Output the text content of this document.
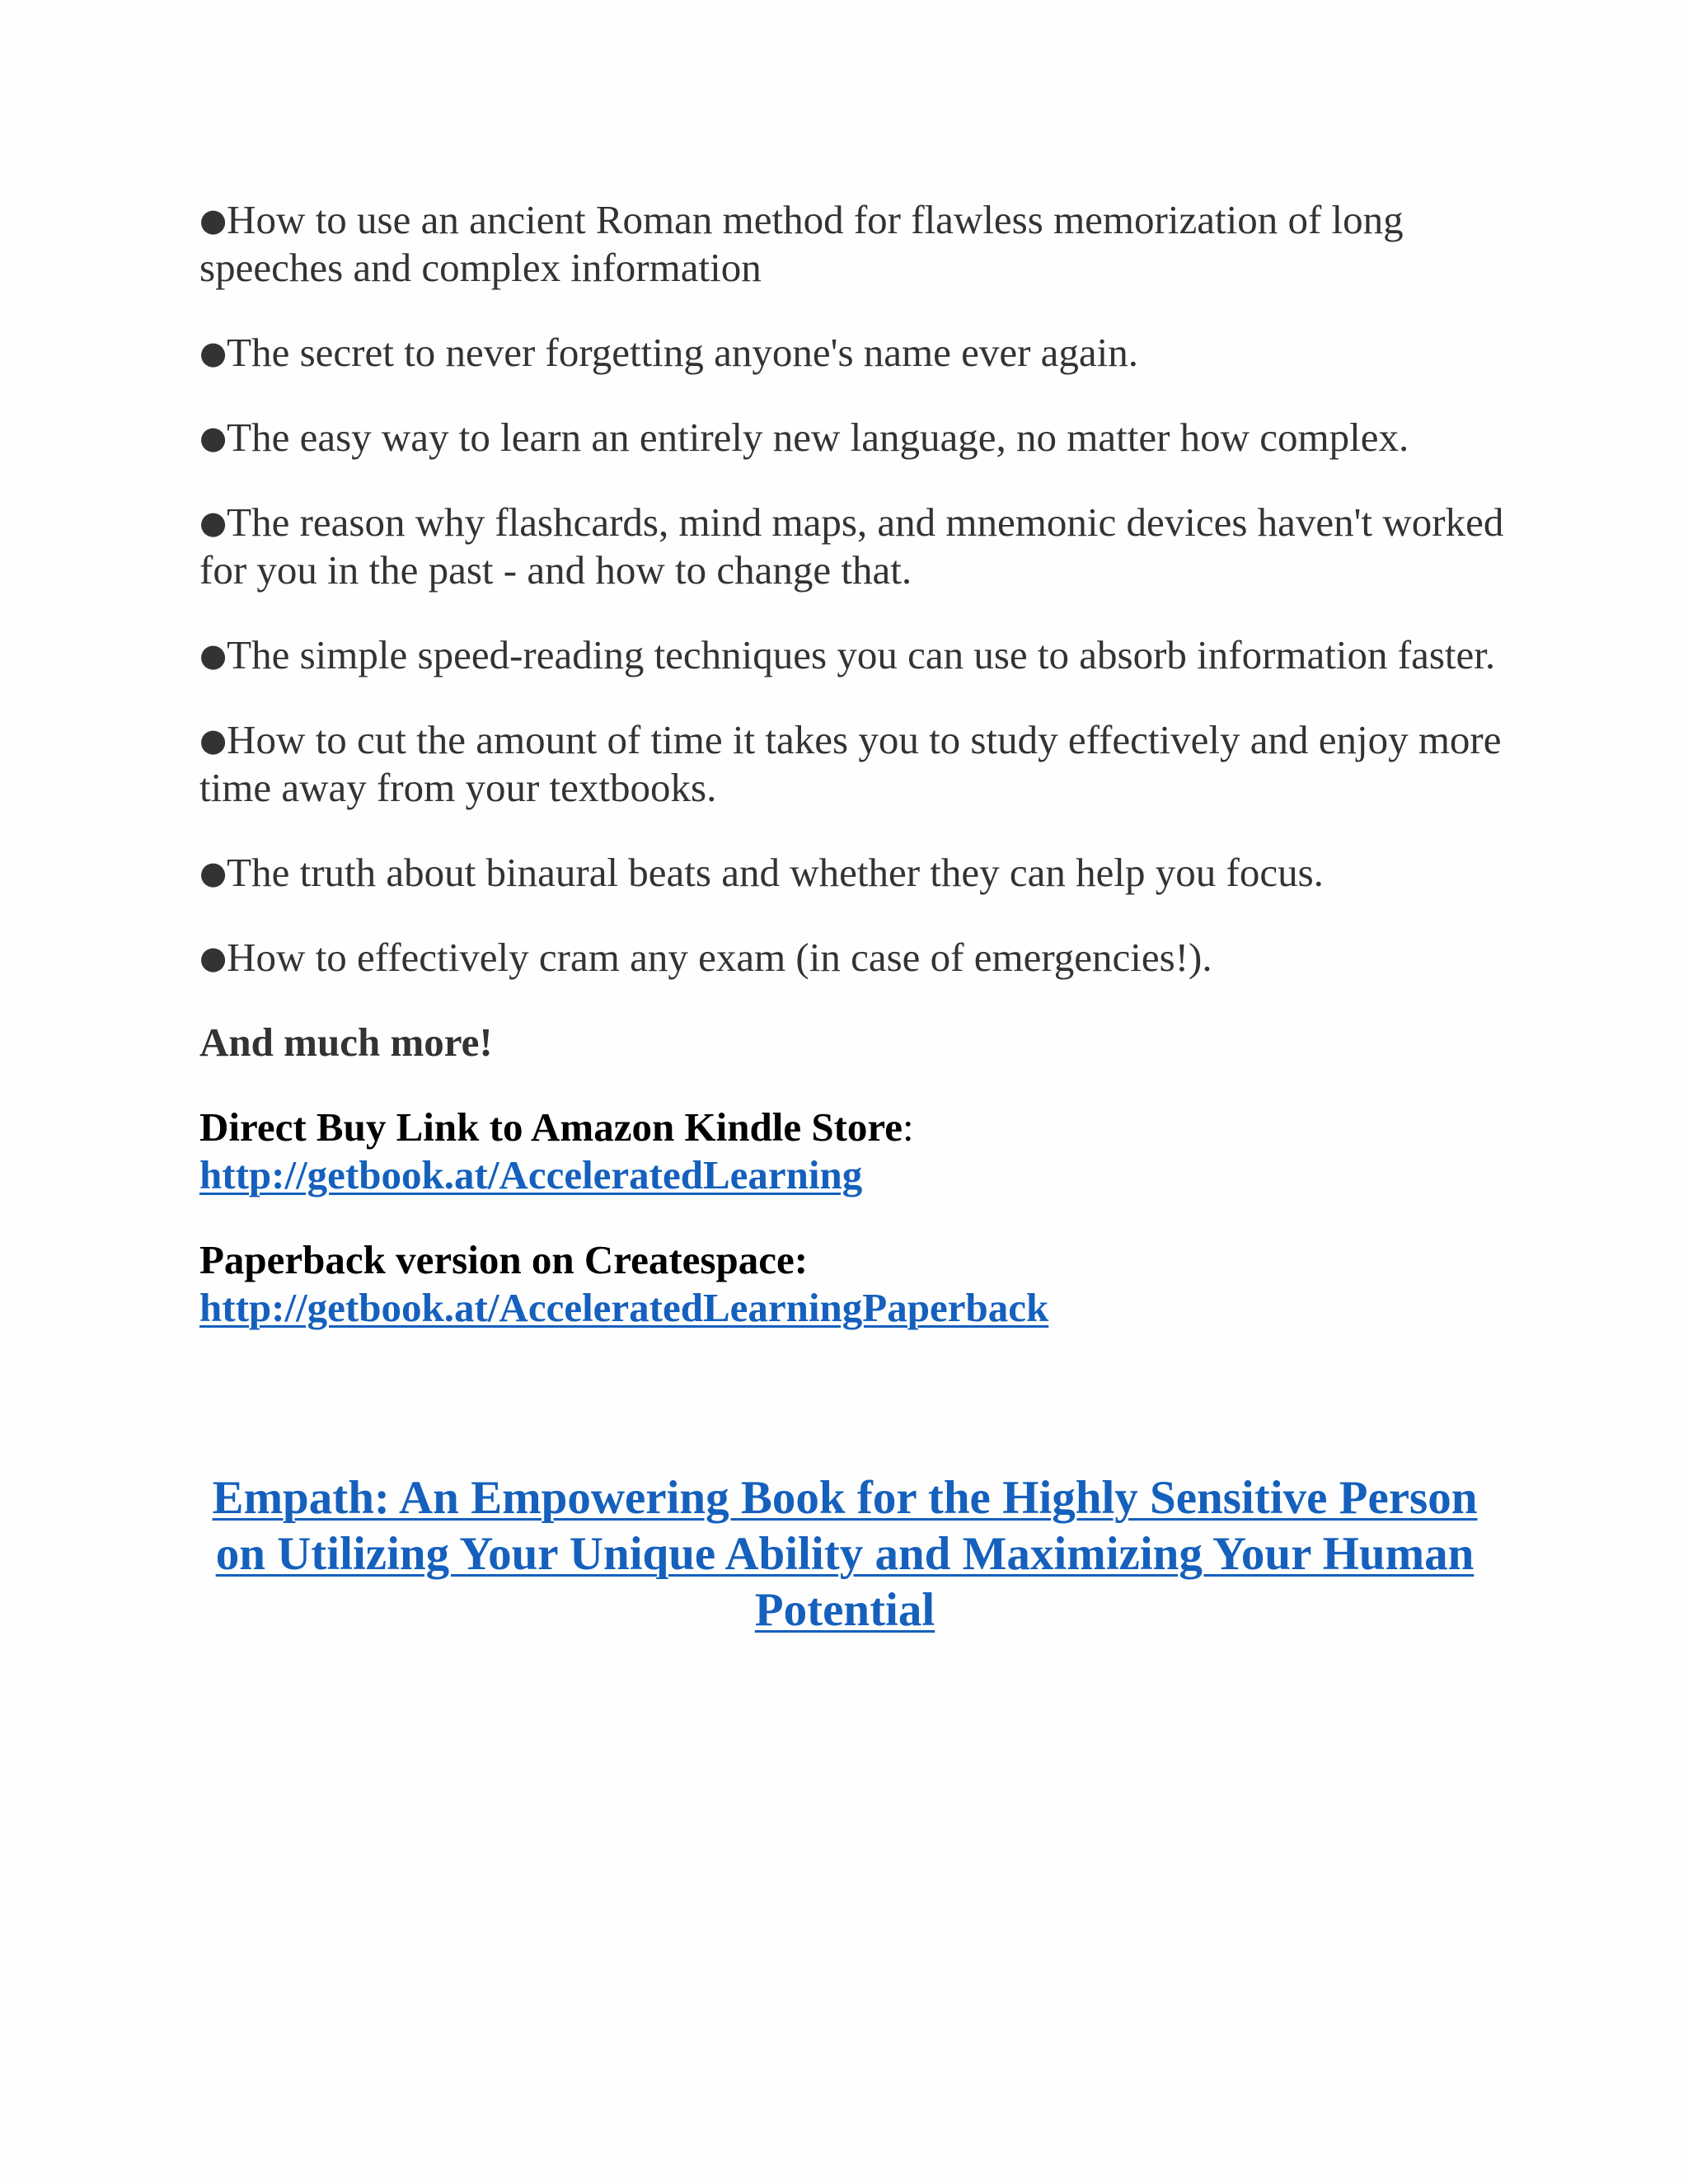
●How to use an ancient Roman method for flawless memorization of long speeches and complex information

●The secret to never forgetting anyone's name ever again.

●The easy way to learn an entirely new language, no matter how complex.

●The reason why flashcards, mind maps, and mnemonic devices haven't worked for you in the past - and how to change that.

●The simple speed-reading techniques you can use to absorb information faster.

●How to cut the amount of time it takes you to study effectively and enjoy more time away from your textbooks.

●The truth about binaural beats and whether they can help you focus.

●How to effectively cram any exam (in case of emergencies!).

And much more!

Direct Buy Link to Amazon Kindle Store:
http://getbook.at/AcceleratedLearning
Paperback version on Createspace:
http://getbook.at/AcceleratedLearningPaperback
Empath: An Empowering Book for the Highly Sensitive Person on Utilizing Your Unique Ability and Maximizing Your Human Potential
